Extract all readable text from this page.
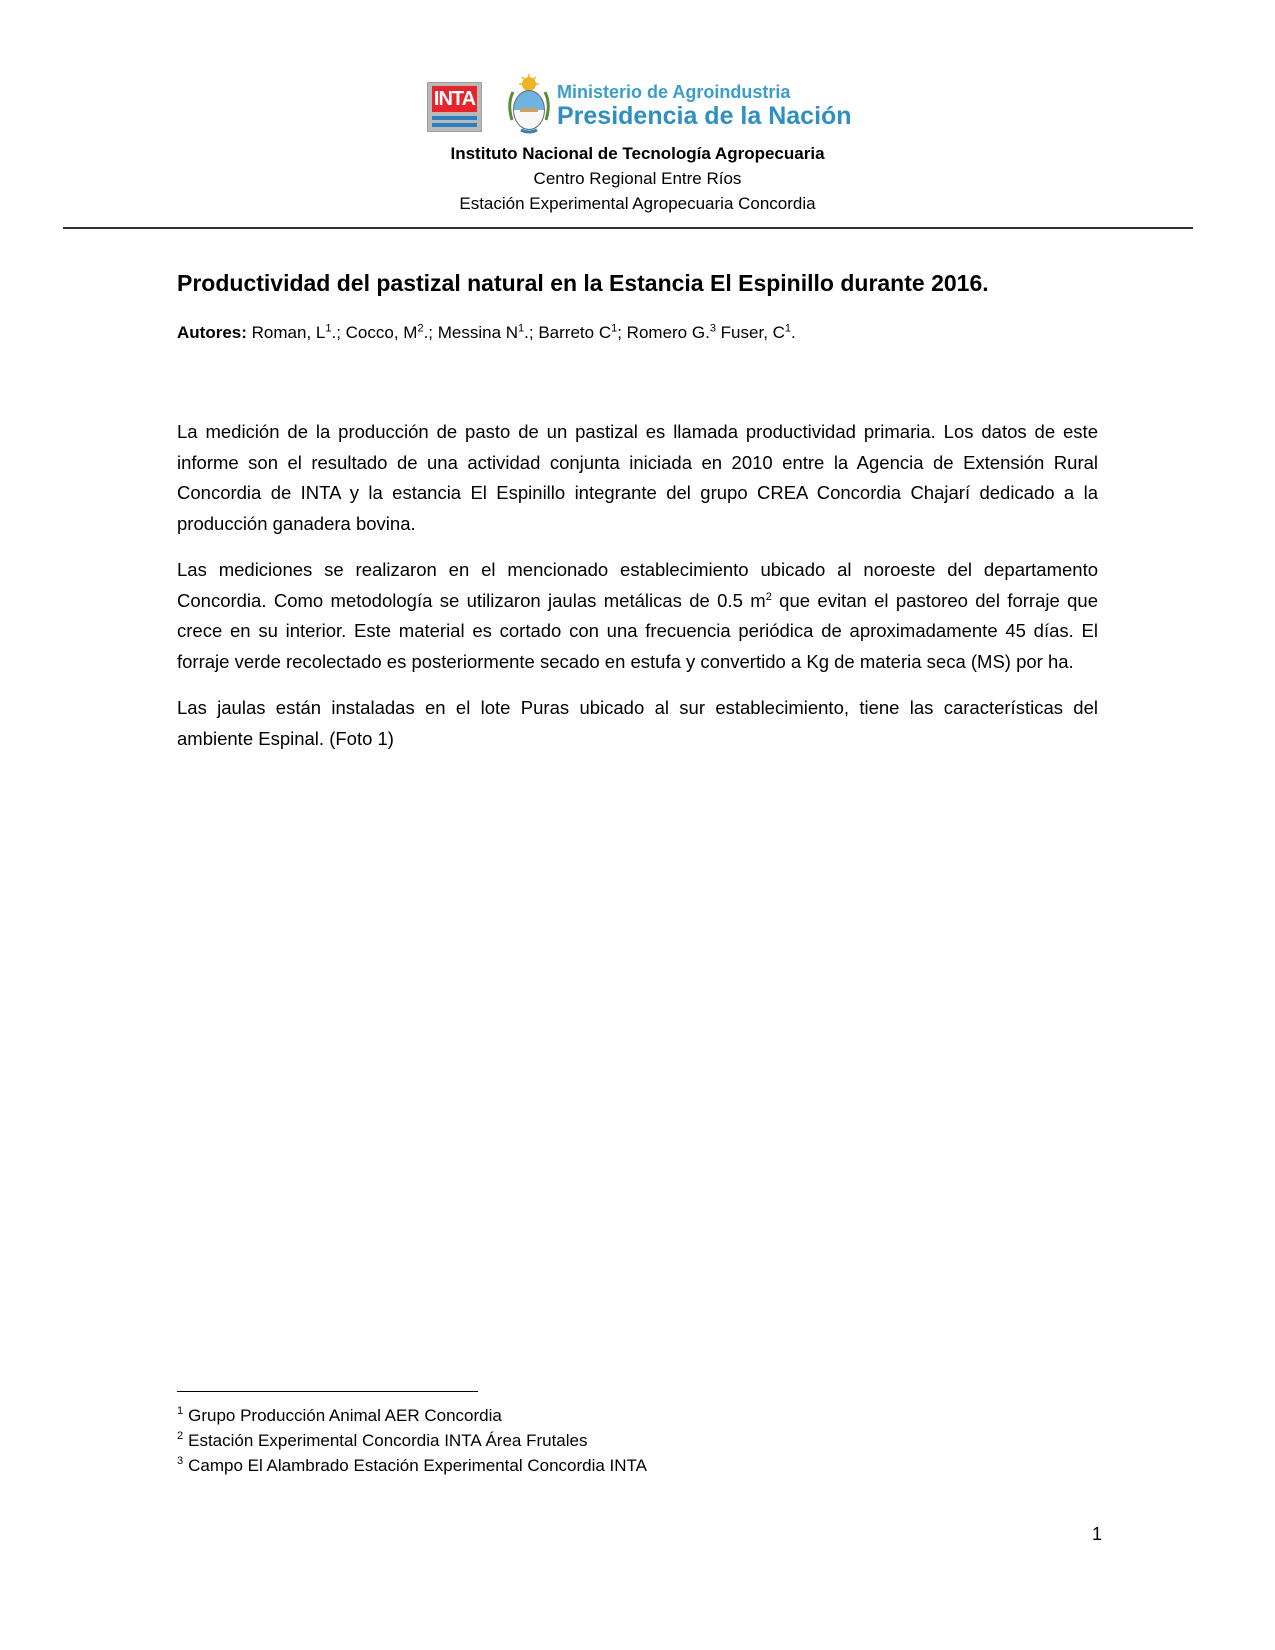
INTA	Ministerio de Agroindustria
Presidencia de la Nación
Instituto Nacional de Tecnología Agropecuaria
Centro Regional Entre Ríos
Estación Experimental Agropecuaria Concordia
Productividad del pastizal natural en la Estancia El Espinillo durante 2016.
Autores: Roman, $L^1$.; Cocco, $M^2$.; Messina $N^1$.; Barreto $C^1$; Romero G.$^3$ Fuser, $C^1$.

La medición de la producción de pasto de un pastizal es llamada productividad primaria. Los datos de este informe son el resultado de una actividad conjunta iniciada en 2010 entre la Agencia de Extensión Rural Concordia de INTA y la estancia El Espinillo integrante del grupo CREA Concordia Chajarí dedicado a la producción ganadera bovina.

Las mediciones se realizaron en el mencionado establecimiento ubicado al noroeste del departamento Concordia. Como metodología se utilizaron jaulas metálicas de 0.5 $m^2$ que evitan el pastoreo del forraje que crece en su interior. Este material es cortado con una frecuencia periódica de aproximadamente 45 días. El forraje verde recolectado es posteriormente secado en estufa y convertido a Kg de materia seca (MS) por ha.

Las jaulas están instaladas en el lote Puras ubicado al sur establecimiento, tiene las características del ambiente Espinal. (Foto 1)

$^1$ Grupo Producción Animal AER Concordia
$^2$ Estación Experimental Concordia INTA Área Frutales
$^3$ Campo El Alambrado Estación Experimental Concordia INTA
1
